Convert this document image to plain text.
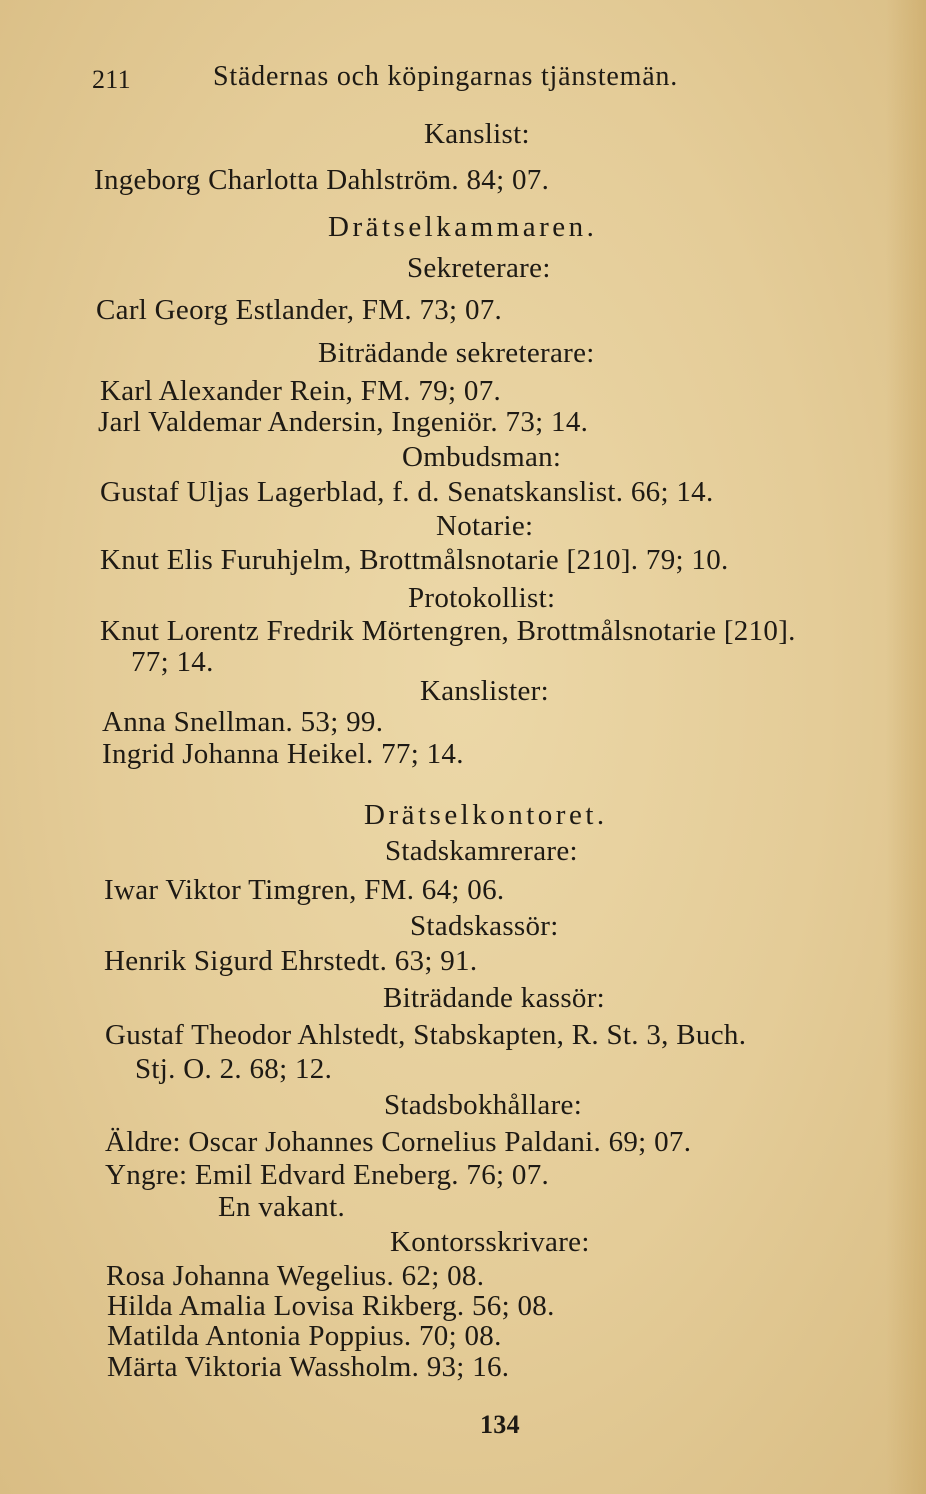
211	Städernas och köpingarnas tjänstemän.
Kanslist:
Ingeborg Charlotta Dahlström. 84; 07.
Drätselkammaren.
Sekreterare:
Carl Georg Estlander, FM. 73; 07.
Biträdande sekreterare:
Karl Alexander Rein, FM. 79; 07.
Jarl Valdemar Andersin, Ingeniör. 73; 14.
Ombudsman:
Gustaf Uljas Lagerblad, f. d. Senatskanslist. 66; 14.
Notarie:
Knut Elis Furuhjelm, Brottmålsnotarie [210]. 79; 10.
Protokollist:
Knut Lorentz Fredrik Mörtengren, Brottmålsnotarie [210].
77; 14.
Kanslister:
Anna Snellman. 53; 99.
Ingrid Johanna Heikel. 77; 14.
Drätselkontoret.
Stadskamrerare:
Iwar Viktor Timgren, FM. 64; 06.
Stadskassör:
Henrik Sigurd Ehrstedt. 63; 91.
Biträdande kassör:
Gustaf Theodor Ahlstedt, Stabskapten, R. St. 3, Buch.
Stj. O. 2. 68; 12.
Stadsbokhållare:
Äldre: Oscar Johannes Cornelius Paldani. 69; 07.
Yngre: Emil Edvard Eneberg. 76; 07.
En vakant.
Kontorsskrivare:
Rosa Johanna Wegelius. 62; 08.
Hilda Amalia Lovisa Rikberg. 56; 08.
Matilda Antonia Poppius. 70; 08.
Märta Viktoria Wassholm. 93; 16.
134
